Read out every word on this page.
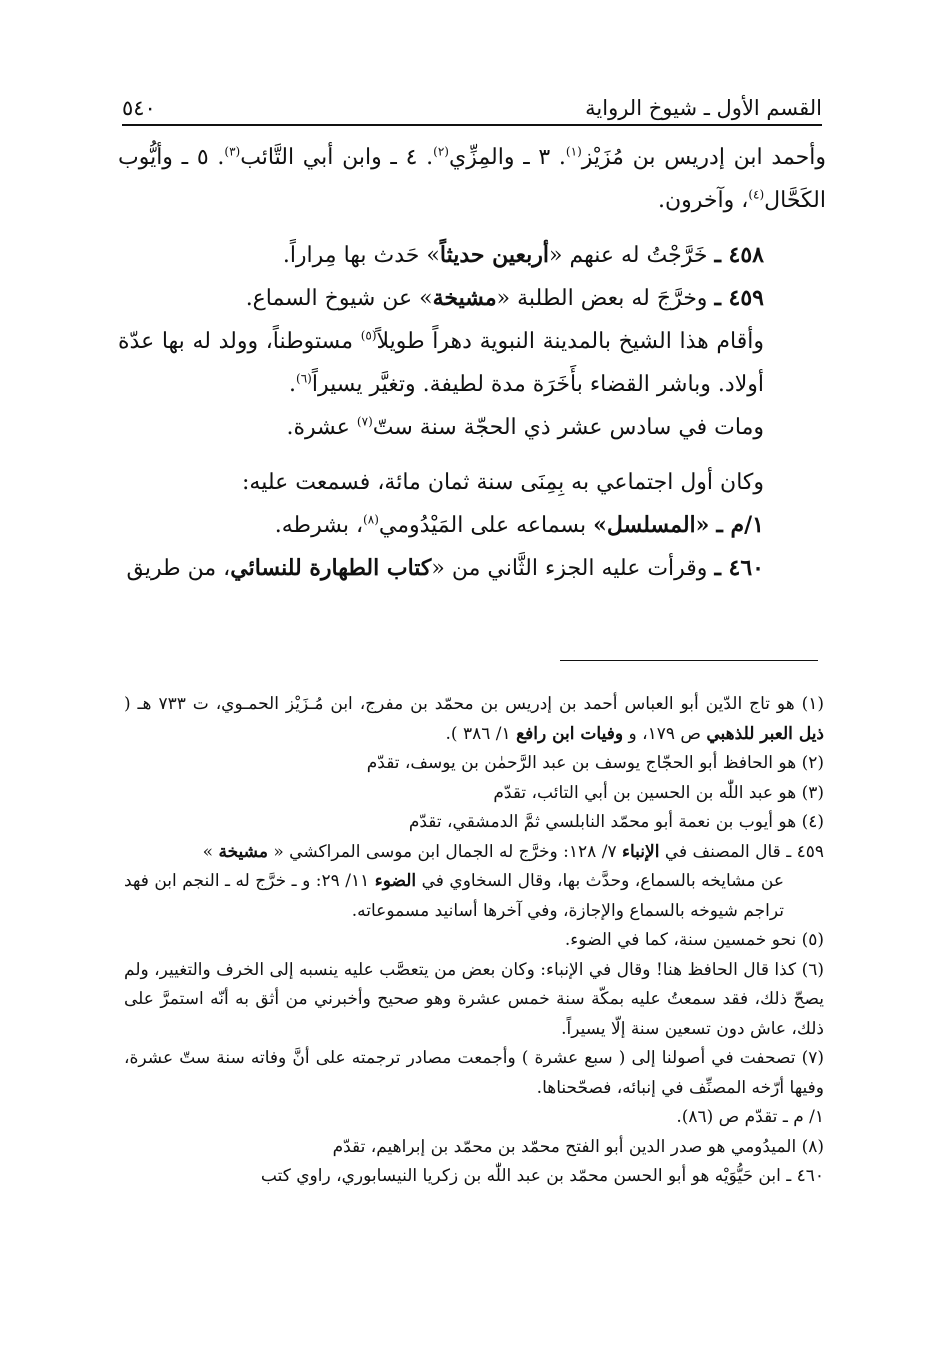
٥٤٠	القسم الأول ـ شيوخ الرواية

وأحمد ابن إدريس بن مُزَيْز$^{(١)}$. ٣ ـ والمِزِّي$^{(٢)}$. ٤ ـ وابن أبي التَّائب$^{(٣)}$. ٥ ـ وأيُّوب الكَحَّال$^{(٤)}$، وآخرون.

٤٥٨ ـ خَرَّجْتُ له عنهم «أربعين حديثاً» حَدث بها مِراراً.

٤٥٩ ـ وخرَّجَ له بعض الطلبة «مشيخة» عن شيوخ السماع.

وأقام هذا الشيخ بالمدينة النبوية دهراً طويلاً$^{(٥)}$ مستوطناً، وولد له بها عدّة أولاد. وباشر القضاء بأَخَرَة مدة لطيفة. وتغيَّر يسيراً$^{(٦)}$.

ومات في سادس عشر ذي الحجّة سنة ستّ$^{(٧)}$ عشرة.

وكان أول اجتماعي به بِمِنَى سنة ثمان مائة، فسمعت عليه:

١/م ـ «المسلسل» بسماعه على المَيْدُومي$^{(٨)}$، بشرطه.

٤٦٠ ـ وقرأت عليه الجزء الثَّاني من «كتاب الطهارة للنسائي، من طريق

(١) هو تاج الدّين أبو العباس أحمد بن إدريس بن محمّد بن مفرج، ابن مُـزَيْز الحمـوي، ت ٧٣٣ هـ ( ذيل العبر للذهبي ص ١٧٩، و وفيات ابن رافع ١/ ٣٨٦ ).

(٢) هو الحافظ أبو الحجّاج يوسف بن عبد الرَّحمٰن بن يوسف، تقدّم

(٣) هو عبد اللّٰه بن الحسين بن أبي التائب، تقدّم

(٤) هو أيوب بن نعمة أبو محمّد النابلسي ثمَّ الدمشقي، تقدّم

٤٥٩ ـ قال المصنف في الإنباء ٧/ ١٢٨: وخرَّج له الجمال ابن موسى المراكشي « مشيخة »

عن مشايخه بالسماع، وحدَّث بها، وقال السخاوي في الضوء ١١/ ٢٩: و ـ خرَّج له ـ النجم ابن فهد تراجم شيوخه بالسماع والإجازة، وفي آخرها أسانيد مسموعاته.

(٥) نحو خمسين سنة، كما في الضوء.

(٦) كذا قال الحافظ هنا! وقال في الإنباء: وكان بعض من يتعصَّب عليه ينسبه إلى الخرف والتغيير، ولم يصحّ ذلك، فقد سمعتُ عليه بمكّة سنة خمس عشرة وهو صحيح وأخبرني من أثق به أنّه استمرَّ على ذلك، عاش دون تسعين سنة إلّا يسيراً.

(٧) تصحفت في أصولنا إلى ( سبع عشرة ) وأجمعت مصادر ترجمته على أنَّ وفاته سنة ستّ عشرة، وفيها أرّخه المصنِّف في إنبائه، فصحّحناها.

١/ م ـ تقدّم ص (٨٦).

(٨) الميدُومي هو صدر الدين أبو الفتح محمّد بن محمّد بن إبراهيم، تقدّم

٤٦٠ ـ ابن حَيُّوَيْه هو أبو الحسن محمّد بن عبد اللّٰه بن زكريا النيسابوري، راوي كتب
